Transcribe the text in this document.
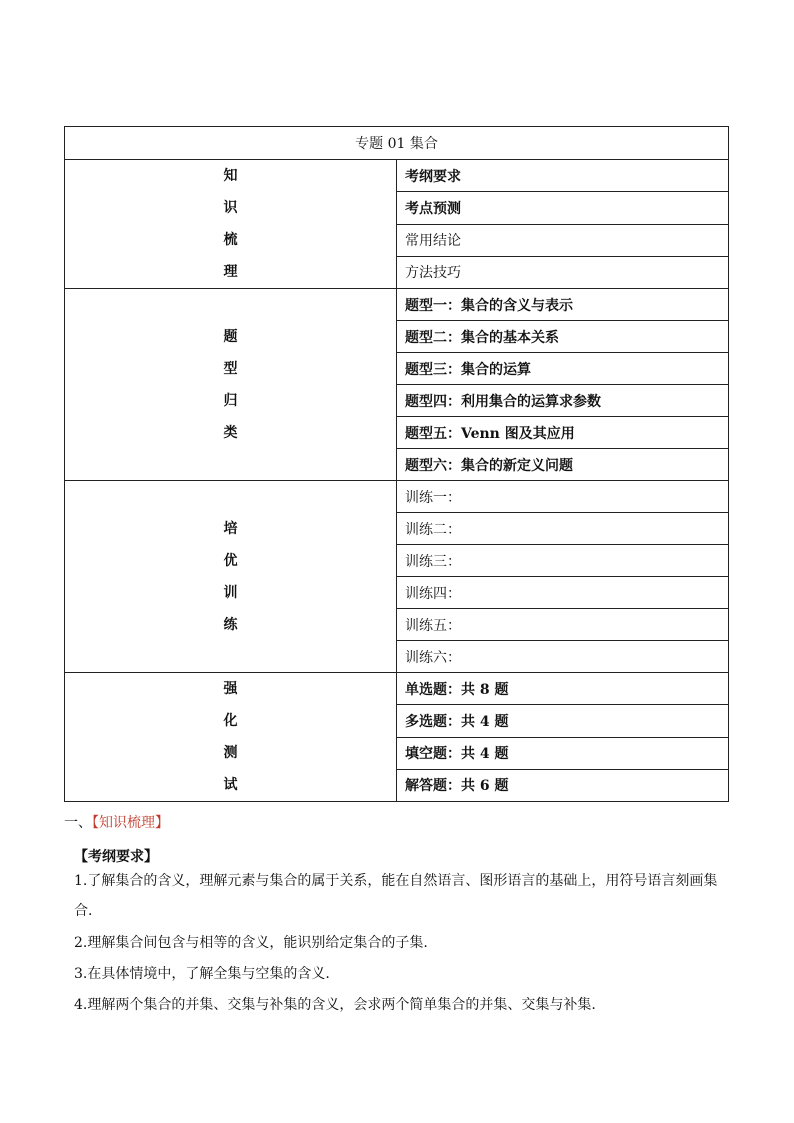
专题 01 集合	

知
识
梳
理	考纲要求
	考点预测
	常用结论
	方法技巧

题
型
归
类	题型一：集合的含义与表示
	题型二：集合的基本关系
	题型三：集合的运算
	题型四：利用集合的运算求参数
	题型五：Venn 图及其应用
	题型六：集合的新定义问题

培
优
训
练	训练一：
	训练二：
	训练三：
	训练四：
	训练五：
	训练六：

强
化
测
试	单选题：共 8 题
	多选题：共 4 题
	填空题：共 4 题
	解答题：共 6 题
一、【知识梳理】
【考纲要求】
1.了解集合的含义，理解元素与集合的属于关系，能在自然语言、图形语言的基础上，用符号语言刻画集合.
2.理解集合间包含与相等的含义，能识别给定集合的子集.
3.在具体情境中，了解全集与空集的含义.
4.理解两个集合的并集、交集与补集的含义，会求两个简单集合的并集、交集与补集.
